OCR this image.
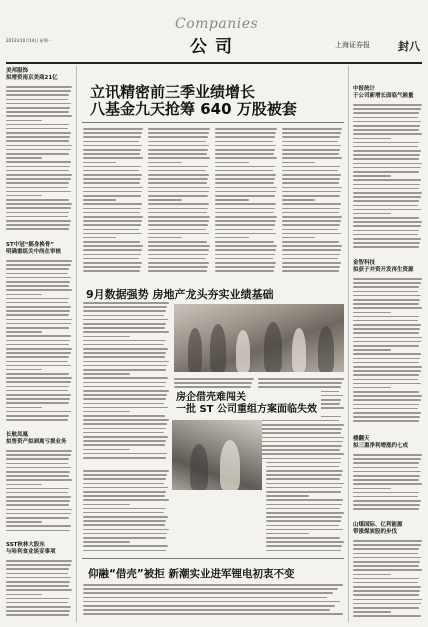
2013年10月14日 星期一
Companies
公司	上海证券报	封八
美邦服饰
拟增资南京美商21亿
ST中冠“摇身换骨”
明确重组关中尚在审核
长航凤凰
拟售资产拟剥离亏损业务
SST秋林大股东
与哈利食业谈妥事项
立讯精密前三季业绩增长
八基金九天抢筹 640 万股被套
9月数据强势 房地产龙头夯实业绩基础
房企借壳难闯关
一批 ST 公司重组方案面临失效
仰融“借壳”被拒 新潮实业进军锂电初衷不变
中报统计
于公司新增长面临气候量
金智科技
拟获子并资开发再生资源
楼翻天
拟三重净利增涨约七成
山煤国际、亿利能源
带涨煤炭股的步伐
